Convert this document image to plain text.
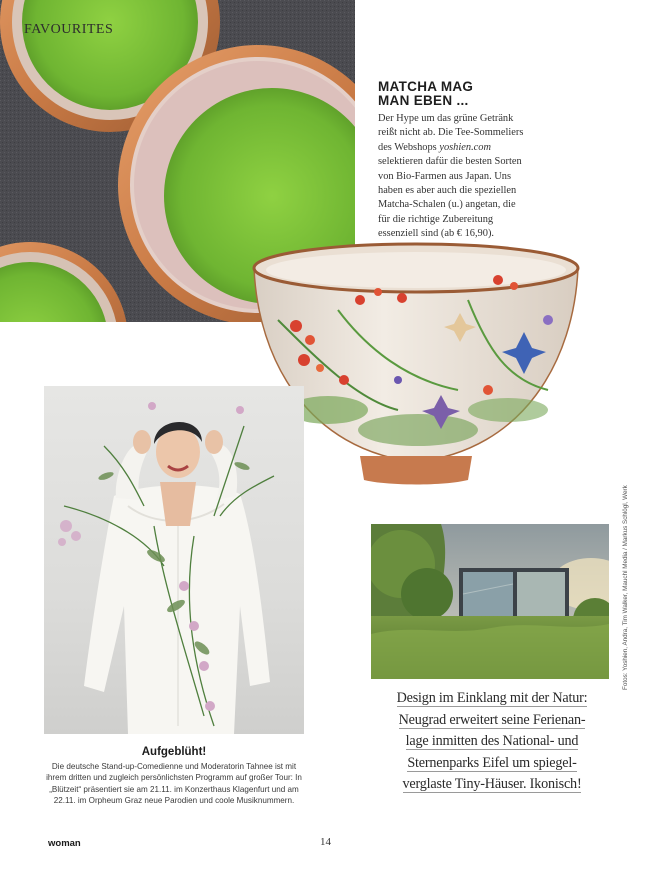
FAVOURITES
MATCHA MAG
MAN EBEN ...

Der Hype um das grüne Getränk reißt nicht ab. Die Tee-Sommeliers des Webshops yoshien.com selektieren dafür die besten Sorten von Bio-Farmen aus Japan. Uns haben es aber auch die speziellen Matcha-Schalen (u.) angetan, die für die richtige Zubereitung essenziell sind (ab € 16,90).

Aufgeblüht!

Die deutsche Stand-up-Comedienne und Moderatorin Tahnee ist mit ihrem dritten und zugleich persönlichsten Programm auf großer Tour: In „Blützeit“ präsentiert sie am 21.11. im Konzerthaus Klagenfurt und am 22.11. im Orpheum Graz neue Parodien und coole Musiknummern.

Design im Einklang mit der Natur:
Neugrad erweitert seine Ferienan-
lage inmitten des National- und
Sternenparks Eifel um spiegel-
verglaste Tiny-Häuser. Ikonisch!
Fotos: Yoshien, Andra, Tim Walker, Mauchl Media / Markus Schlögl, Werk
woman	14
